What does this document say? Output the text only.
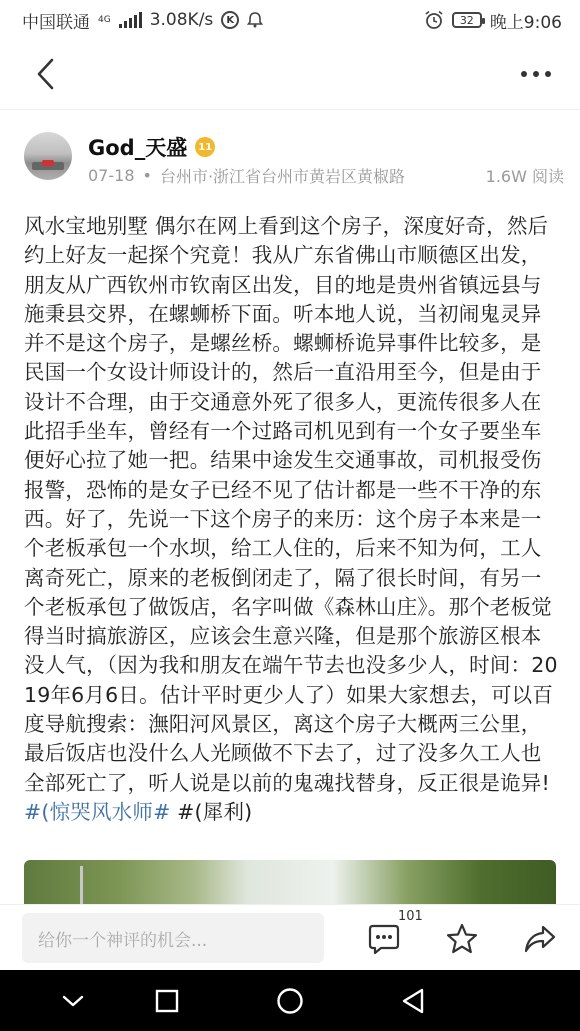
中国联通 4G 3.08K/s	K	32 晚上9:06
God_天盛	11
07-18 • 台州市·浙江省台州市黄岩区黄椒路	1.6W 阅读
风水宝地别墅 偶尔在网上看到这个房子，深度好奇，然后约上好友一起探个究竟！我从广东省佛山市顺德区出发，朋友从广西钦州市钦南区出发，目的地是贵州省镇远县与施秉县交界，在螺蛳桥下面。听本地人说，当初闹鬼灵异并不是这个房子，是螺丝桥。螺蛳桥诡异事件比较多，是民国一个女设计师设计的，然后一直沿用至今，但是由于设计不合理，由于交通意外死了很多人，更流传很多人在此招手坐车，曾经有一个过路司机见到有一个女子要坐车便好心拉了她一把。结果中途发生交通事故，司机报受伤报警，恐怖的是女子已经不见了估计都是一些不干净的东西。好了，先说一下这个房子的来历：这个房子本来是一个老板承包一个水坝，给工人住的，后来不知为何，工人离奇死亡，原来的老板倒闭走了，隔了很长时间，有另一个老板承包了做饭店，名字叫做《森林山庄》。那个老板觉得当时搞旅游区，应该会生意兴隆，但是那个旅游区根本没人气，（因为我和朋友在端午节去也没多少人，时间：2019年6月6日。估计平时更少人了）如果大家想去，可以百度导航搜索：潕阳河风景区，离这个房子大概两三公里，最后饭店也没什么人光顾做不下去了，过了没多久工人也全部死亡了，听人说是以前的鬼魂找替身，反正很是诡异! #(惊哭风水师# #(犀利)
给你一个神评的机会...
101
